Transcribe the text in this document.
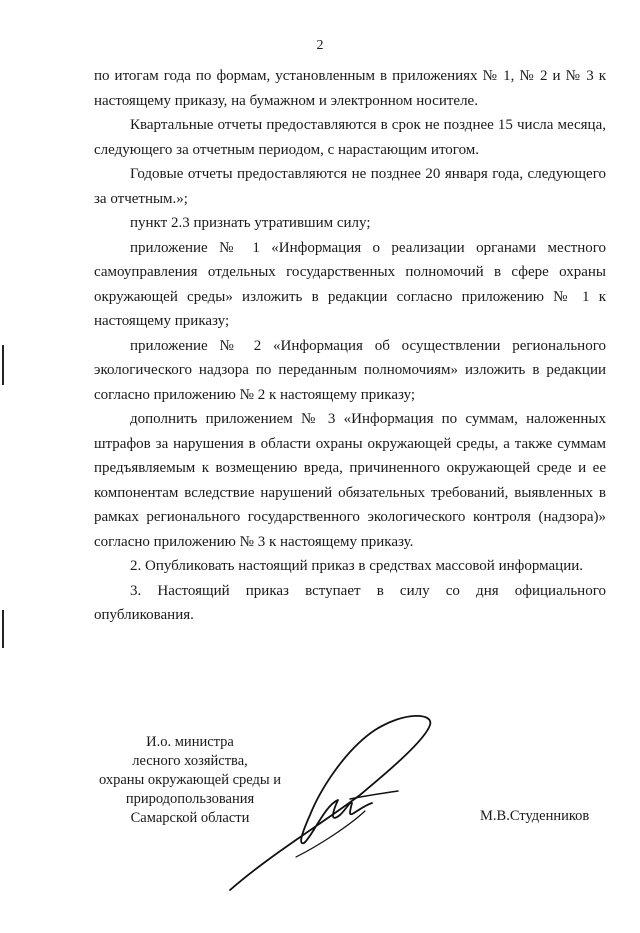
2

по итогам года по формам, установленным в приложениях № 1, № 2 и № 3 к настоящему приказу, на бумажном и электронном носителе.

Квартальные отчеты предоставляются в срок не позднее 15 числа месяца, следующего за отчетным периодом, с нарастающим итогом.

Годовые отчеты предоставляются не позднее 20 января года, следующего за отчетным.»;

пункт 2.3 признать утратившим силу;

приложение № 1 «Информация о реализации органами местного самоуправления отдельных государственных полномочий в сфере охраны окружающей среды» изложить в редакции согласно приложению № 1 к настоящему приказу;

приложение № 2 «Информация об осуществлении регионального экологического надзора по переданным полномочиям» изложить в редакции согласно приложению № 2 к настоящему приказу;

дополнить приложением № 3 «Информация по суммам, наложенных штрафов за нарушения в области охраны окружающей среды, а также суммам предъявляемым к возмещению вреда, причиненного окружающей среде и ее компонентам вследствие нарушений обязательных требований, выявленных в рамках регионального государственного экологического контроля (надзора)» согласно приложению № 3 к настоящему приказу.

2. Опубликовать настоящий приказ в средствах массовой информации.

3. Настоящий приказ вступает в силу со дня официального опубликования.

И.о. министра
лесного хозяйства,
охраны окружающей среды и
природопользования
Самарской области	М.В.Студенников
